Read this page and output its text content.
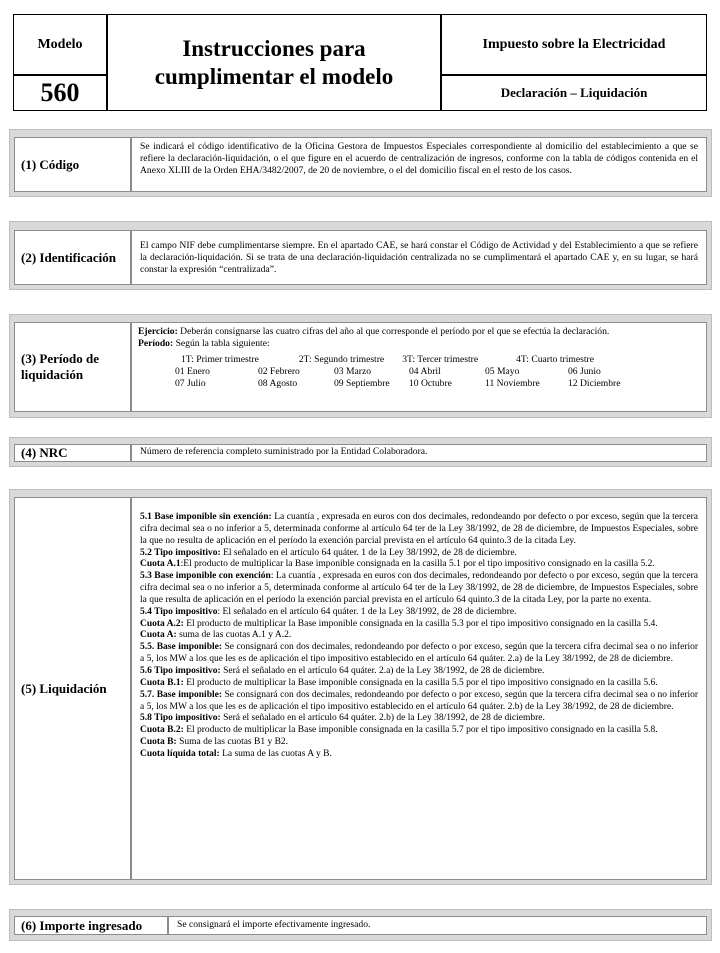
Modelo
560
Instrucciones para
cumplimentar el modelo
Impuesto sobre la Electricidad
Declaración – Liquidación
(1) Código
Se indicará el código identificativo de la Oficina Gestora de Impuestos Especiales correspondiente al domicilio del establecimiento a que se refiere la declaración-liquidación, o el que figure en el acuerdo de centralización de ingresos, conforme con la tabla de códigos contenida en el Anexo XLIII de la Orden EHA/3482/2007, de 20 de noviembre, o el del domicilio fiscal en el resto de los casos.
(2) Identificación
El campo NIF debe cumplimentarse siempre. En el apartado CAE, se hará constar el Código de Actividad y del Establecimiento a que se refiere la declaración-liquidación. Si se trata de una declaración-liquidación centralizada no se cumplimentará el apartado CAE y, en su lugar, se hará constar la expresión “centralizada”.
(3) Período de liquidación
Ejercicio: Deberán consignarse las cuatro cifras del año al que corresponde el período por el que se efectúa la declaración.
Período: Según la tabla siguiente:
1T: Primer trimestre	2T: Segundo trimestre	3T: Tercer trimestre	4T: Cuarto trimestre
01 Enero	02 Febrero	03 Marzo	04 Abril	05 Mayo	06 Junio
07 Julio	08 Agosto	09 Septiembre	10 Octubre	11 Noviembre	12 Diciembre
(4) NRC	Número de referencia completo suministrado por la Entidad Colaboradora.
(5) Liquidación

5.1 Base imponible sin exención: La cuantía , expresada en euros con dos decimales, redondeando por defecto o por exceso, según que la tercera cifra decimal sea o no inferior a 5, determinada conforme al artículo 64 ter de la Ley 38/1992, de 28 de diciembre, de Impuestos Especiales, sobre la que no resulta de aplicación en el período la exención parcial prevista en el artículo 64 quinto.3 de la citada Ley.

5.2 Tipo impositivo: El señalado en el artículo 64 quáter. 1 de la Ley 38/1992, de 28 de diciembre.

Cuota A.1:El producto de multiplicar la Base imponible consignada en la casilla 5.1 por el tipo impositivo consignado en la casilla 5.2.

5.3 Base imponible con exención: La cuantía , expresada en euros con dos decimales, redondeando por defecto o por exceso, según que la tercera cifra decimal sea o no inferior a 5, determinada conforme al artículo 64 ter de la Ley 38/1992, de 28 de diciembre, de Impuestos Especiales, sobre la que resulta de aplicación en el período la exención parcial prevista en el artículo 64 quinto.3 de la citada Ley, por la parte no exenta.

5.4 Tipo impositivo: El señalado en el artículo 64 quáter. 1 de la Ley 38/1992, de 28 de diciembre.

Cuota A.2: El producto de multiplicar la Base imponible consignada en la casilla 5.3 por el tipo impositivo consignado en la casilla 5.4.

Cuota A: suma de las cuotas A.1 y A.2.

5.5. Base imponible: Se consignará con dos decimales, redondeando por defecto o por exceso, según que la tercera cifra decimal sea o no inferior a 5, los MW a los que les es de aplicación el tipo impositivo establecido en el artículo 64 quáter. 2.a) de la Ley 38/1992, de 28 de diciembre.

5.6 Tipo impositivo: Será el señalado en el artículo 64 quáter. 2.a) de la Ley 38/1992, de 28 de diciembre.

Cuota B.1: El producto de multiplicar la Base imponible consignada en la casilla 5.5 por el tipo impositivo consignado en la casilla 5.6.

5.7. Base imponible: Se consignará con dos decimales, redondeando por defecto o por exceso, según que la tercera cifra decimal sea o no inferior a 5, los MW a los que les es de aplicación el tipo impositivo establecido en el artículo 64 quáter. 2.b) de la Ley 38/1992, de 28 de diciembre.

5.8 Tipo impositivo: Será el señalado en el artículo 64 quáter. 2.b) de la Ley 38/1992, de 28 de diciembre.

Cuota B.2: El producto de multiplicar la Base imponible consignada en la casilla 5.7 por el tipo impositivo consignado en la casilla 5.8.

Cuota B: Suma de las cuotas B1 y B2.

Cuota líquida total: La suma de las cuotas A y B.

(6) Importe ingresado	Se consignará el importe efectivamente ingresado.
